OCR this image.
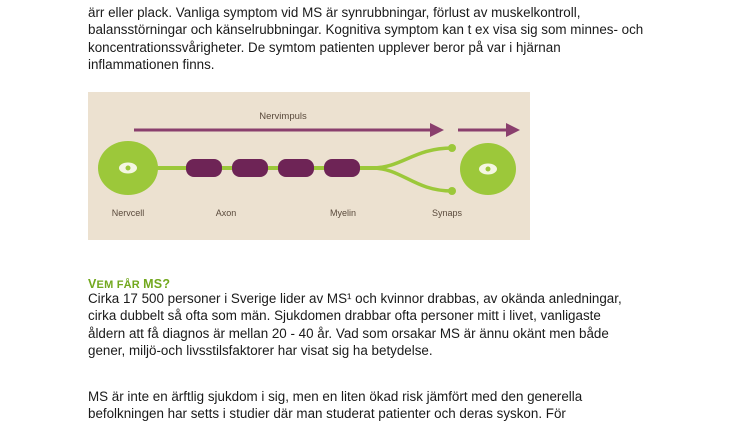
ärr eller plack. Vanliga symptom vid MS är synrubbningar, förlust av muskelkontroll,

balansstörningar och känselrubbningar. Kognitiva symptom kan t ex visa sig som minnes- och

koncentrationssvårigheter. De symtom patienten upplever beror på var i hjärnan

inflammationen finns.

Nervimpuls
Nervcell	Axon	Myelin	Synaps
VEM FÅR MS?

Cirka 17 500 personer i Sverige lider av MS¹ och kvinnor drabbas, av okända anledningar,

cirka dubbelt så ofta som män. Sjukdomen drabbar ofta personer mitt i livet, vanligaste

åldern att få diagnos är mellan 20 - 40 år. Vad som orsakar MS är ännu okänt men både

gener, miljö-och livsstilsfaktorer har visat sig ha betydelse.

MS är inte en ärftlig sjukdom i sig, men en liten ökad risk jämfört med den generella

befolkningen har setts i studier där man studerat patienter och deras syskon. För
